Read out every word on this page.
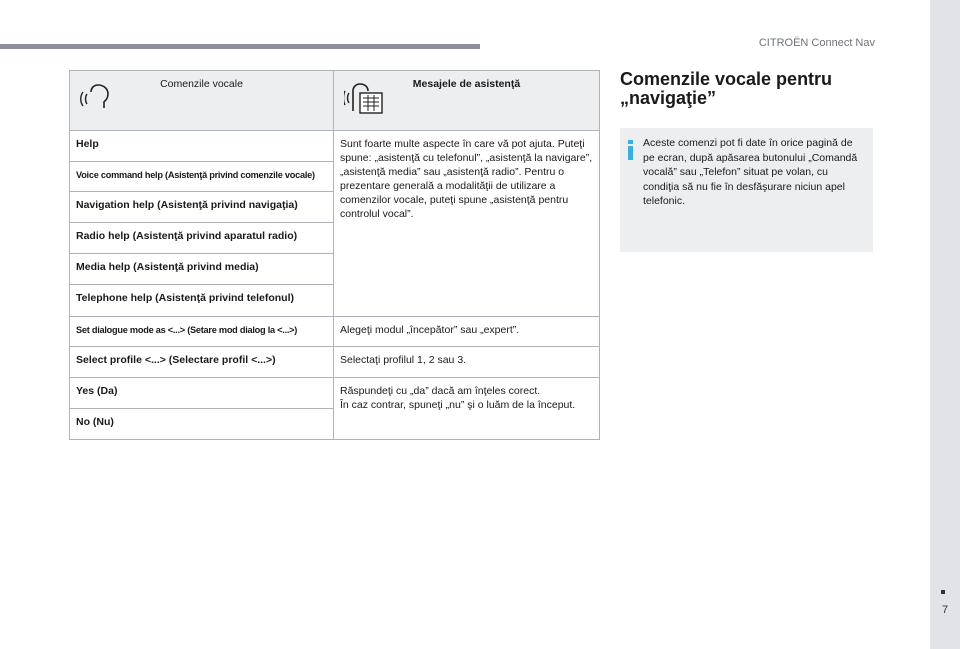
CITROËN Connect Nav
Comenzile vocale	Mesajele de asistenţă

Help	Sunt foarte multe aspecte în care vă pot ajuta. Puteţi spune: „asistenţă cu telefonul”, „asistenţă la navigare”, „asistenţă media” sau „asistenţă radio”. Pentru o prezentare generală a modalităţii de utilizare a comenzilor vocale, puteţi spune „asistenţă pentru controlul vocal”.
Voice command help (Asistenţă privind comenzile vocale)	
Navigation help (Asistenţă privind navigaţia)	
Radio help (Asistenţă privind aparatul radio)	
Media help (Asistenţă privind media)	
Telephone help (Asistenţă privind telefonul)	
Set dialogue mode as <...> (Setare mod dialog la <...>)	Alegeţi modul „începător” sau „expert”.
Select profile <...> (Selectare profil <...>)	Selectaţi profilul 1, 2 sau 3.
Yes (Da)	Răspundeţi cu „da” dacă am înţeles corect.
În caz contrar, spuneţi „nu” şi o luăm de la început.
No (Nu)	
Comenzile vocale pentru
„navigaţie”
Aceste comenzi pot fi date în orice pagină de pe ecran, după apăsarea butonului „Comandă vocală” sau „Telefon” situat pe volan, cu condiţia să nu fie în desfăşurare niciun apel telefonic.
7
